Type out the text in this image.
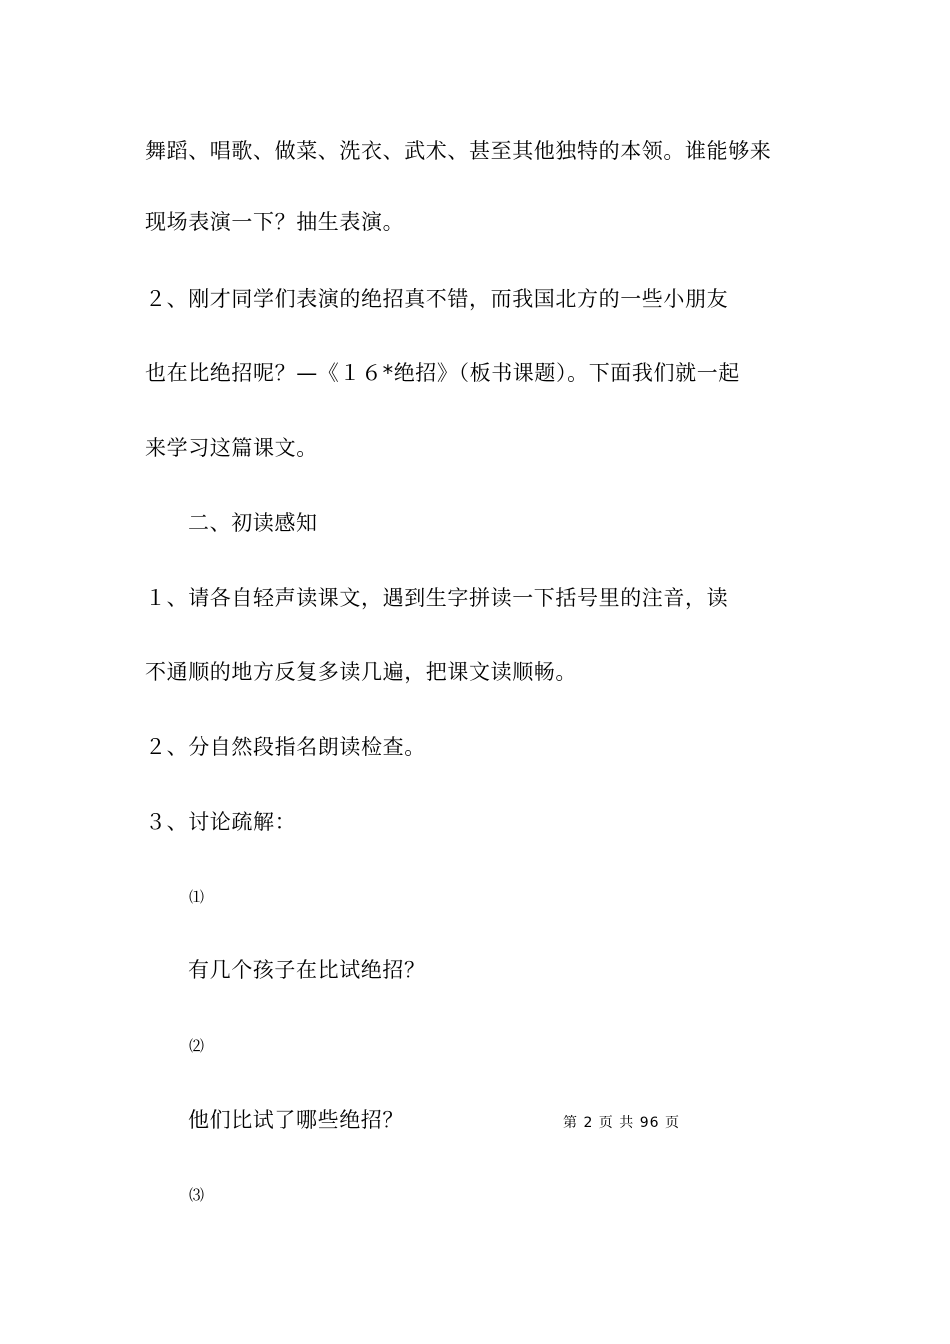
舞蹈、唱歌、做菜、洗衣、武术、甚至其他独特的本领。谁能够来
现场表演一下？抽生表演。
２、刚才同学们表演的绝招真不错，而我国北方的一些小朋友
也在比绝招呢？—《１６*绝招》（板书课题）。下面我们就一起
来学习这篇课文。
二、初读感知
１、请各自轻声读课文，遇到生字拼读一下括号里的注音，读
不通顺的地方反复多读几遍，把课文读顺畅。
２、分自然段指名朗读检查。
３、讨论疏解：
⑴
有几个孩子在比试绝招？
⑵
他们比试了哪些绝招？
⑶
第 2 页 共 96 页
